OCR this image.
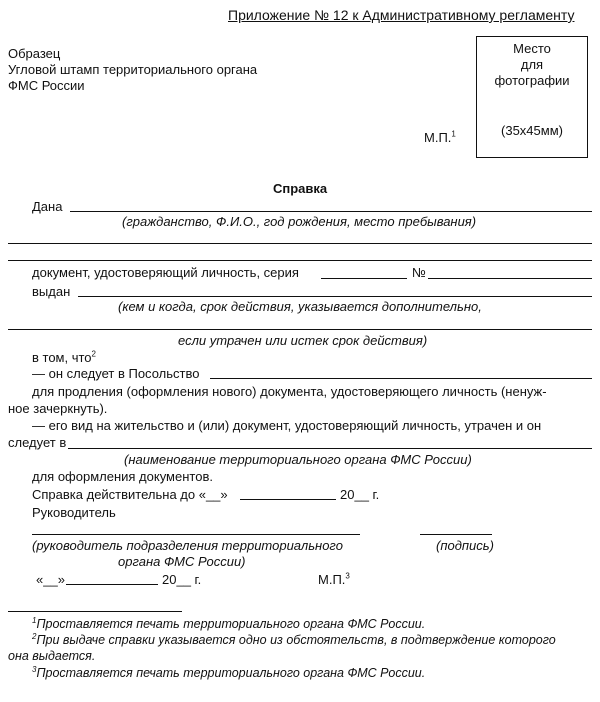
Приложение № 12 к Административному регламенту
Образец
Угловой штамп территориального органа
ФМС России
Место
для
фотографии
(35х45мм)
М.П.$^1$
Справка
Дана
(гражданство, Ф.И.О., год рождения, место пребывания)
документ, удостоверяющий личность, серия	№
выдан
(кем и когда, срок действия, указывается дополнительно,
если утрачен или истек срок действия)
в том, что$^2$
— он следует в Посольство
для продления (оформления нового) документа, удостоверяющего личность (ненуж-
ное зачеркнуть).
— его вид на жительство и (или) документ, удостоверяющий личность, утрачен и он
следует в
(наименование территориального органа ФМС России)
для оформления документов.
Справка действительна до «__»	20__ г.
Руководитель
(руководитель подразделения территориального	(подпись)
органа ФМС России)
«__»	20__ г.	М.П.$^3$
$^1$Проставляется печать территориального органа ФМС России.
$^2$При выдаче справки указывается одно из обстоятельств, в подтверждение которого
она выдается.
$^3$Проставляется печать территориального органа ФМС России.
